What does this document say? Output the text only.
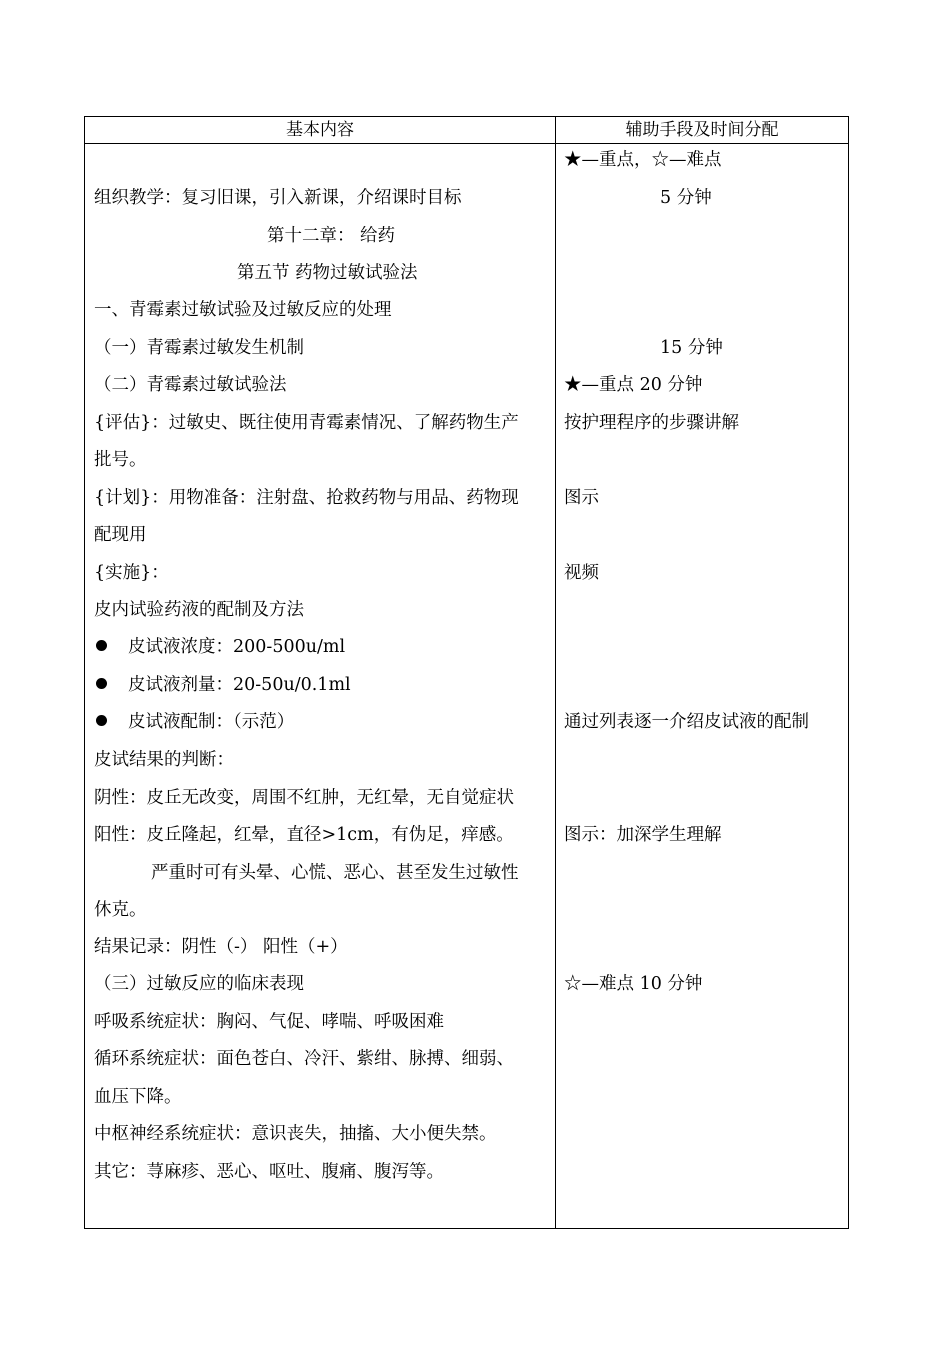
基本内容	辅助手段及时间分配
★—重点，☆—难点
5 分钟
15 分钟
★—重点 20 分钟
按护理程序的步骤讲解
图示
视频
通过列表逐一介绍皮试液的配制
图示：加深学生理解
☆—难点 10 分钟
组织教学：复习旧课，引入新课，介绍课时目标
第十二章： 给药
第五节 药物过敏试验法
一、青霉素过敏试验及过敏反应的处理
（一）青霉素过敏发生机制
（二）青霉素过敏试验法
{评估}：过敏史、既往使用青霉素情况、了解药物生产
批号。
{计划}：用物准备：注射盘、抢救药物与用品、药物现
配现用
{实施}：
皮内试验药液的配制及方法
皮试液浓度：200-500u/ml
皮试液剂量：20-50u/0.1ml
皮试液配制：（示范）
皮试结果的判断：
阴性：皮丘无改变，周围不红肿，无红晕，无自觉症状
阳性：皮丘隆起，红晕，直径>1cm，有伪足，痒感。
严重时可有头晕、心慌、恶心、甚至发生过敏性
休克。
结果记录：阴性（-） 阳性（+）
（三）过敏反应的临床表现
呼吸系统症状：胸闷、气促、哮喘、呼吸困难
循环系统症状：面色苍白、冷汗、紫绀、脉搏、细弱、
血压下降。
中枢神经系统症状：意识丧失，抽搐、大小便失禁。
其它：荨麻疹、恶心、呕吐、腹痛、腹泻等。
